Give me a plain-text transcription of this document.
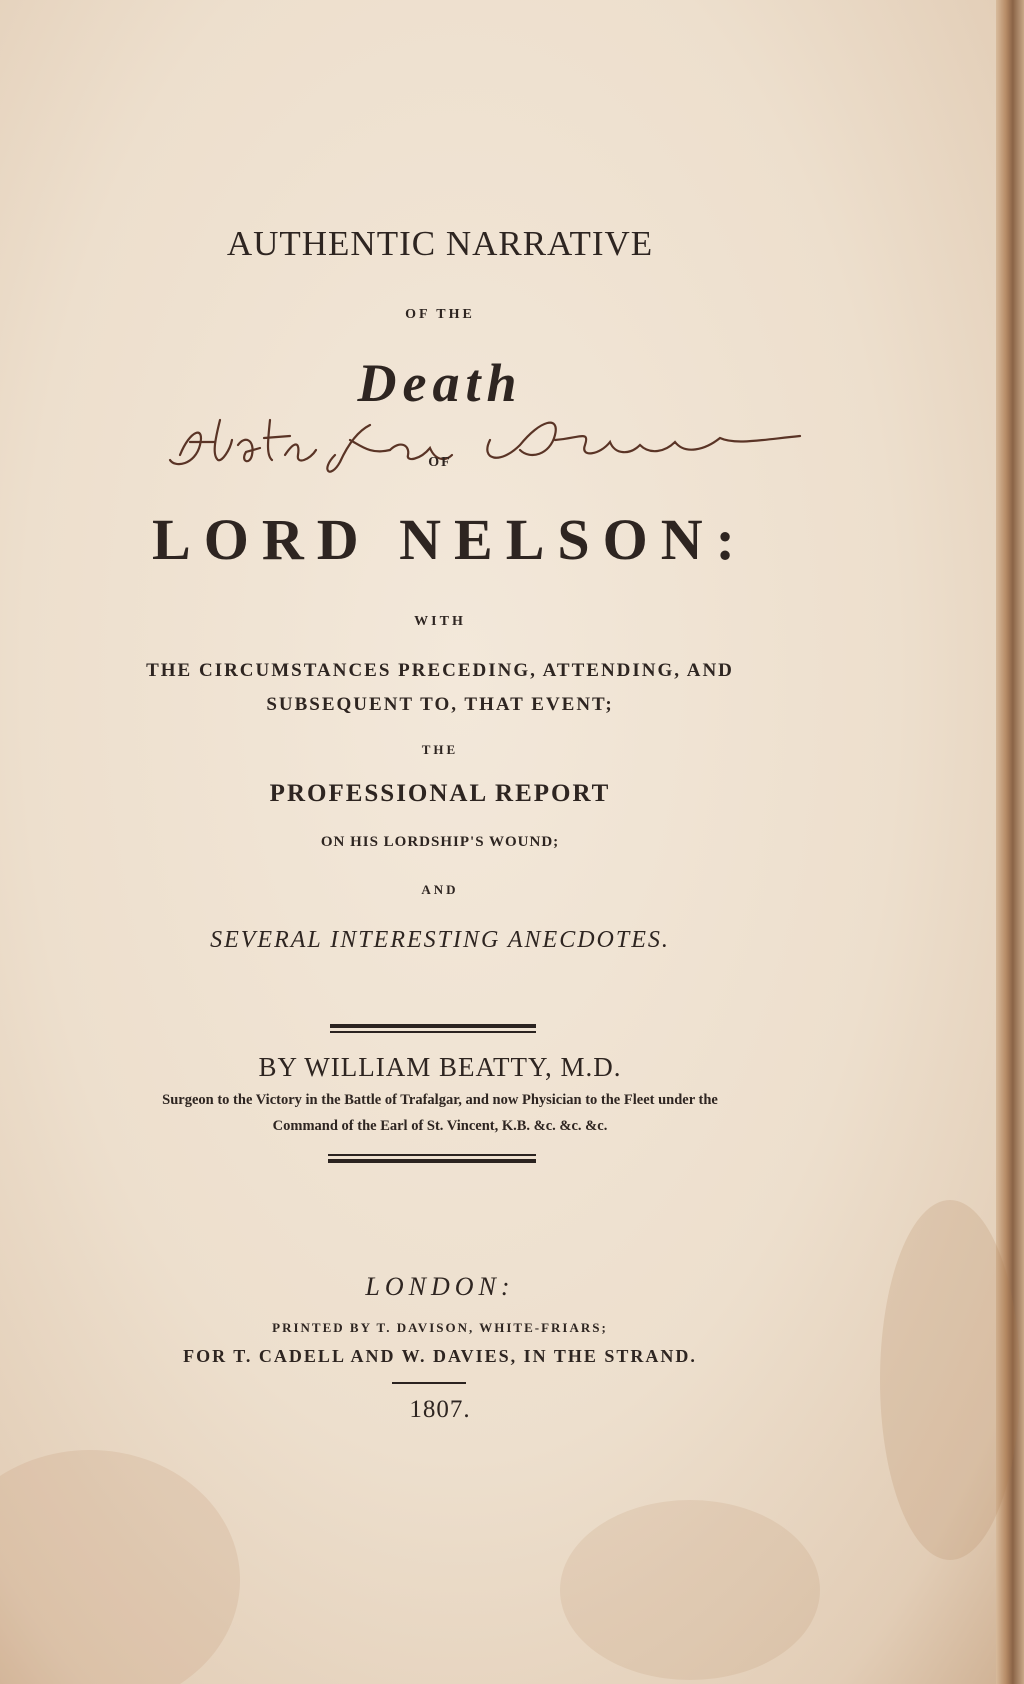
AUTHENTIC NARRATIVE
OF THE
Death
OF
LORD NELSON:
WITH
THE CIRCUMSTANCES PRECEDING, ATTENDING, AND
SUBSEQUENT TO, THAT EVENT;
THE
PROFESSIONAL REPORT
ON HIS LORDSHIP'S WOUND;
AND
SEVERAL INTERESTING ANECDOTES.
BY WILLIAM BEATTY, M.D.
Surgeon to the Victory in the Battle of Trafalgar, and now Physician to the Fleet under the
Command of the Earl of St. Vincent, K.B. &c. &c. &c.
LONDON:
PRINTED BY T. DAVISON, WHITE-FRIARS;
FOR T. CADELL AND W. DAVIES, IN THE STRAND.
1807.
